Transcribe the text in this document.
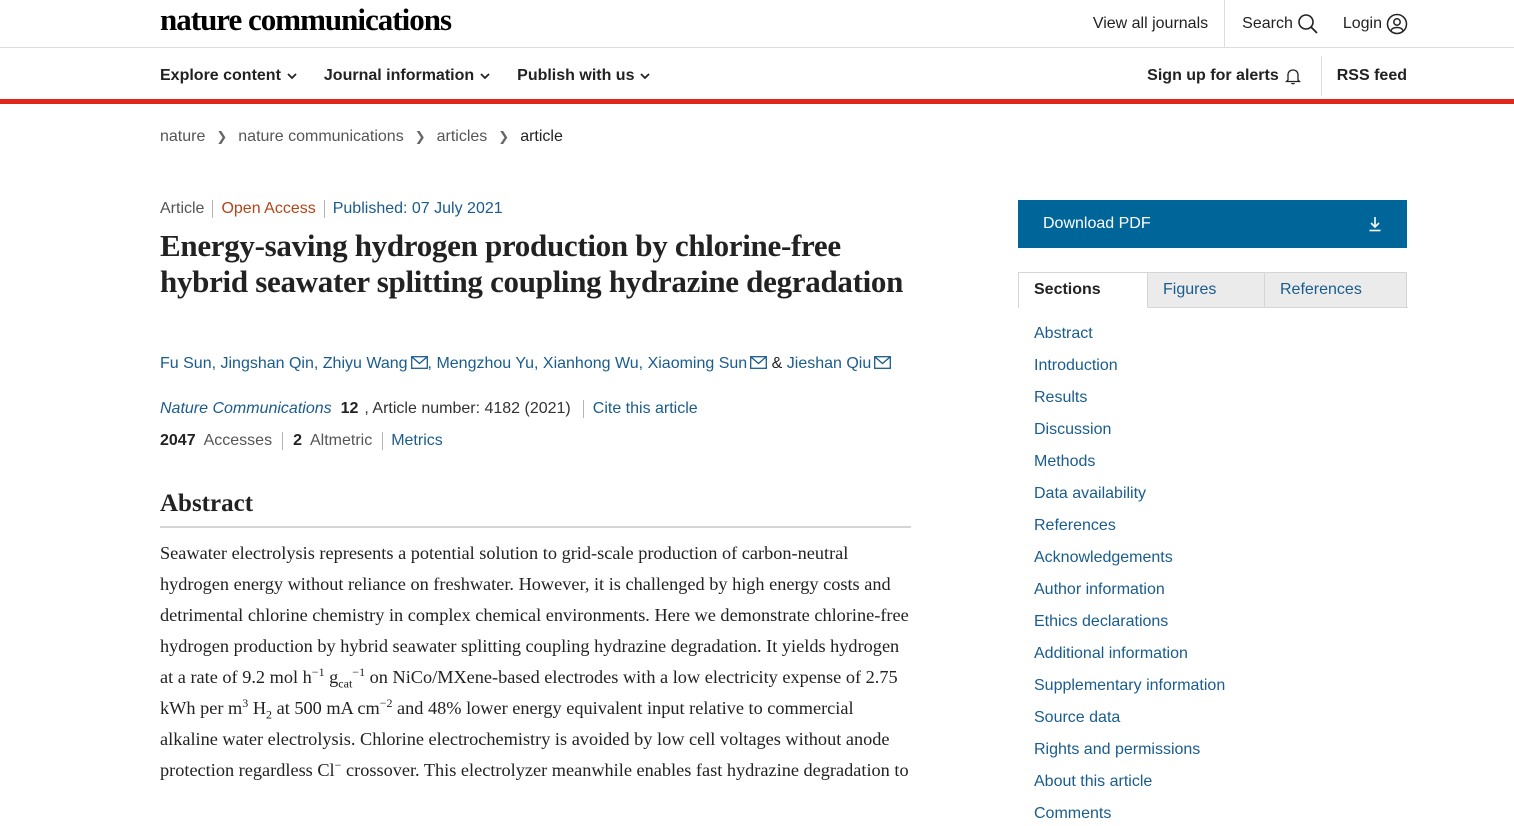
nature communications	View all journals	Search	Login
Explore content	Journal information	Publish with us	Sign up for alerts	RSS feed
nature ❯ nature communications ❯ articles ❯ article
Article	Open Access	Published: 07 July 2021
Energy-saving hydrogen production by chlorine-free hybrid seawater splitting coupling hydrazine degradation
Fu Sun, Jingshan Qin, Zhiyu Wang , Mengzhou Yu, Xianhong Wu, Xiaoming Sun & Jieshan Qiu
Nature Communications 12 , Article number: 4182 (2021)	Cite this article
2047 Accesses	2 Altmetric	Metrics
Abstract

Seawater electrolysis represents a potential solution to grid-scale production of carbon-neutral hydrogen energy without reliance on freshwater. However, it is challenged by high energy costs and detrimental chlorine chemistry in complex chemical environments. Here we demonstrate chlorine-free hydrogen production by hybrid seawater splitting coupling hydrazine degradation. It yields hydrogen at a rate of 9.2 mol $h^{-1}$ $g_{cat}^{-1}$ on NiCo/MXene-based electrodes with a low electricity expense of 2.75 kWh per $m^3$ $H_2$ at 500 mA $cm^{-2}$ and 48% lower energy equivalent input relative to commercial alkaline water electrolysis. Chlorine electrochemistry is avoided by low cell voltages without anode protection regardless Cl− crossover. This electrolyzer meanwhile enables fast hydrazine degradation to

Download PDF
Sections	Figures	References
Abstract
Introduction
Results
Discussion
Methods
Data availability
References
Acknowledgements
Author information
Ethics declarations
Additional information
Supplementary information
Source data
Rights and permissions
About this article
Comments
